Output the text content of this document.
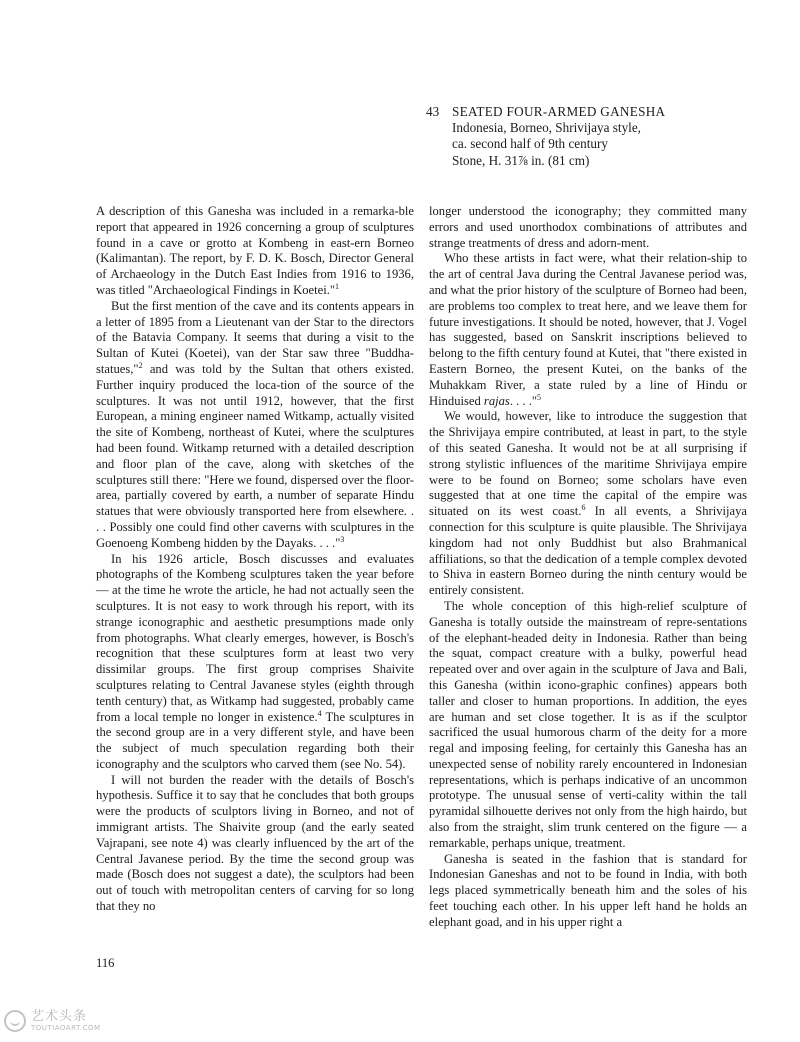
43 SEATED FOUR-ARMED GANESHA
Indonesia, Borneo, Shrivijaya style,
ca. second half of 9th century
Stone, H. 31⅞ in. (81 cm)

A description of this Ganesha was included in a remarka-ble report that appeared in 1926 concerning a group of sculptures found in a cave or grotto at Kombeng in east-ern Borneo (Kalimantan). The report, by F. D. K. Bosch, Director General of Archaeology in the Dutch East Indies from 1916 to 1936, was titled "Archaeological Findings in Koetei."$^1$

But the first mention of the cave and its contents appears in a letter of 1895 from a Lieutenant van der Star to the directors of the Batavia Company. It seems that during a visit to the Sultan of Kutei (Koetei), van der Star saw three "Buddha-statues,"$^2$ and was told by the Sultan that others existed. Further inquiry produced the loca-tion of the source of the sculptures. It was not until 1912, however, that the first European, a mining engineer named Witkamp, actually visited the site of Kombeng, northeast of Kutei, where the sculptures had been found. Witkamp returned with a detailed description and floor plan of the cave, along with sketches of the sculptures still there: "Here we found, dispersed over the floor-area, partially covered by earth, a number of separate Hindu statues that were obviously transported here from elsewhere. . . . Possibly one could find other caverns with sculptures in the Goenoeng Kombeng hidden by the Dayaks. . . ."$^3$

In his 1926 article, Bosch discusses and evaluates photographs of the Kombeng sculptures taken the year before — at the time he wrote the article, he had not actually seen the sculptures. It is not easy to work through his report, with its strange iconographic and aesthetic presumptions made only from photographs. What clearly emerges, however, is Bosch's recognition that these sculptures form at least two very dissimilar groups. The first group comprises Shaivite sculptures relating to Central Javanese styles (eighth through tenth century) that, as Witkamp had suggested, probably came from a local temple no longer in existence.$^4$ The sculptures in the second group are in a very different style, and have been the subject of much speculation regarding both their iconography and the sculptors who carved them (see No. 54).

I will not burden the reader with the details of Bosch's hypothesis. Suffice it to say that he concludes that both groups were the products of sculptors living in Borneo, and not of immigrant artists. The Shaivite group (and the early seated Vajrapani, see note 4) was clearly influenced by the art of the Central Javanese period. By the time the second group was made (Bosch does not suggest a date), the sculptors had been out of touch with metropolitan centers of carving for so long that they no

longer understood the iconography; they committed many errors and used unorthodox combinations of attributes and strange treatments of dress and adorn-ment.

Who these artists in fact were, what their relation-ship to the art of central Java during the Central Javanese period was, and what the prior history of the sculpture of Borneo had been, are problems too complex to treat here, and we leave them for future investigations. It should be noted, however, that J. Vogel has suggested, based on Sanskrit inscriptions believed to belong to the fifth century found at Kutei, that "there existed in Eastern Borneo, the present Kutei, on the banks of the Muhakkam River, a state ruled by a line of Hindu or Hinduised rajas. . . ."$^5$

We would, however, like to introduce the suggestion that the Shrivijaya empire contributed, at least in part, to the style of this seated Ganesha. It would not be at all surprising if strong stylistic influences of the maritime Shrivijaya empire were to be found on Borneo; some scholars have even suggested that at one time the capital of the empire was situated on its west coast.$^6$ In all events, a Shrivijaya connection for this sculpture is quite plausible. The Shrivijaya kingdom had not only Buddhist but also Brahmanical affiliations, so that the dedication of a temple complex devoted to Shiva in eastern Borneo during the ninth century would be entirely consistent.

The whole conception of this high-relief sculpture of Ganesha is totally outside the mainstream of repre-sentations of the elephant-headed deity in Indonesia. Rather than being the squat, compact creature with a bulky, powerful head repeated over and over again in the sculpture of Java and Bali, this Ganesha (within icono-graphic confines) appears both taller and closer to human proportions. In addition, the eyes are human and set close together. It is as if the sculptor sacrificed the usual humorous charm of the deity for a more regal and imposing feeling, for certainly this Ganesha has an unexpected sense of nobility rarely encountered in Indonesian representations, which is perhaps indicative of an uncommon prototype. The unusual sense of verti-cality within the tall pyramidal silhouette derives not only from the high hairdo, but also from the straight, slim trunk centered on the figure — a remarkable, perhaps unique, treatment.

Ganesha is seated in the fashion that is standard for Indonesian Ganeshas and not to be found in India, with both legs placed symmetrically beneath him and the soles of his feet touching each other. In his upper left hand he holds an elephant goad, and in his upper right a

116
艺术头条
TOUTIAOART.COM
